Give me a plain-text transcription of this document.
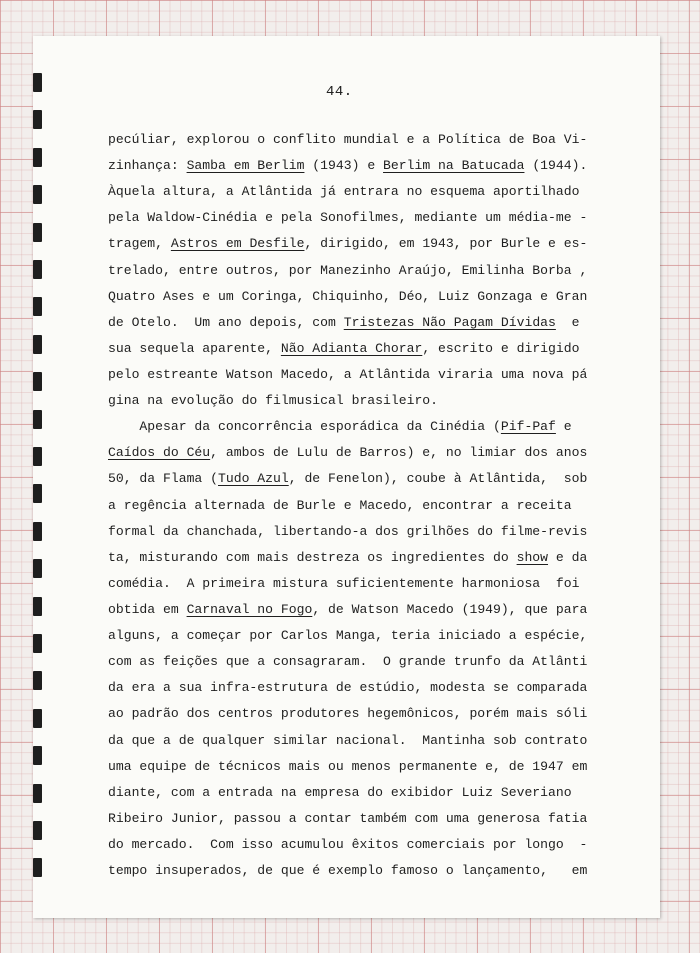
44.
pecúliar, explorou o conflito mundial e a Política de Boa Vi-
zinhança: Samba em Berlim (1943) e Berlim na Batucada (1944).
Àquela altura, a Atlântida já entrara no esquema aportilhado
pela Waldow-Cinédia e pela Sonofilmes, mediante um média-me -
tragem, Astros em Desfile, dirigido, em 1943, por Burle e es-
trelado, entre outros, por Manezinho Araújo, Emilinha Borba ,
Quatro Ases e um Coringa, Chiquinho, Déo, Luiz Gonzaga e Gran
de Otelo.  Um ano depois, com Tristezas Não Pagam Dívidas  e
sua sequela aparente, Não Adianta Chorar, escrito e dirigido
pelo estreante Watson Macedo, a Atlântida viraria uma nova pá
gina na evolução do filmusical brasileiro.
Apesar da concorrência esporádica da Cinédia (Pif-Paf e
Caídos do Céu, ambos de Lulu de Barros) e, no limiar dos anos
50, da Flama (Tudo Azul, de Fenelon), coube à Atlântida,  sob
a regência alternada de Burle e Macedo, encontrar a receita
formal da chanchada, libertando-a dos grilhões do filme-revis
ta, misturando com mais destreza os ingredientes do show e da
comédia.  A primeira mistura suficientemente harmoniosa  foi
obtida em Carnaval no Fogo, de Watson Macedo (1949), que para
alguns, a começar por Carlos Manga, teria iniciado a espécie,
com as feições que a consagraram.  O grande trunfo da Atlânti
da era a sua infra-estrutura de estúdio, modesta se comparada
ao padrão dos centros produtores hegemônicos, porém mais sóli
da que a de qualquer similar nacional.  Mantinha sob contrato
uma equipe de técnicos mais ou menos permanente e, de 1947 em
diante, com a entrada na empresa do exibidor Luiz Severiano
Ribeiro Junior, passou a contar também com uma generosa fatia
do mercado.  Com isso acumulou êxitos comerciais por longo  -
tempo insuperados, de que é exemplo famoso o lançamento,   em
